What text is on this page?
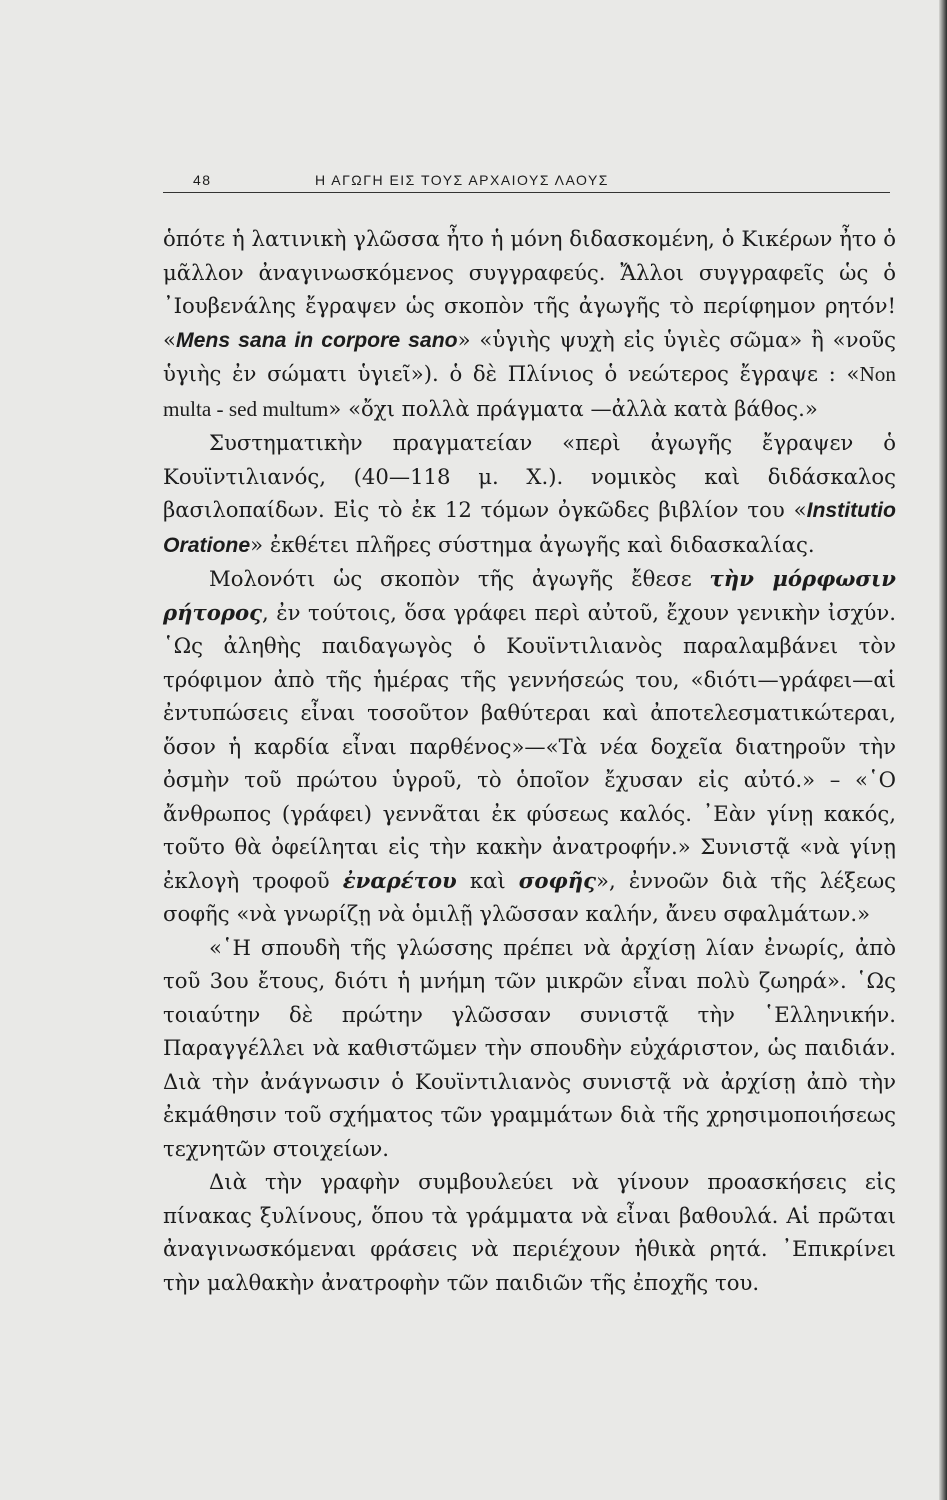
48	Η ΑΓΩΓΗ ΕΙΣ ΤΟΥΣ ΑΡΧΑΙΟΥΣ ΛΑΟΥΣ

ὁπότε ἡ λατινικὴ γλῶσσα ἦτο ἡ μόνη διδασκομένη, ὁ Κικέρων ἦτο ὁ μᾶλλον ἀναγινωσκόμενος συγγραφεύς. Ἄλλοι συγγραφεῖς ὡς ὁ ᾿Ιουβενάλης ἔγραψεν ὡς σκοπὸν τῆς ἀγωγῆς τὸ περίφημον ρητόν! «Mens sana in corpore sano» «ὑγιὴς ψυχὴ εἰς ὑγιὲς σῶμα» ἢ «νοῦς ὑγιὴς ἐν σώματι ὑγιεῖ»). ὁ δὲ Πλίνιος ὁ νεώτερος ἔγραψε : «Non multa - sed multum» «ὄχι πολλὰ πράγματα —ἀλλὰ κατὰ βάθος.»

Συστηματικὴν πραγματείαν «περὶ ἀγωγῆς ἔγραψεν ὁ Κουϊντιλιανός, (40—118 μ. Χ.). νομικὸς καὶ διδάσκαλος βασιλοπαίδων. Εἰς τὸ ἐκ 12 τόμων ὀγκῶδες βιβλίον του «Institutio Oratione» ἐκθέτει πλῆρες σύστημα ἀγωγῆς καὶ διδασκαλίας.

Μολονότι ὡς σκοπὸν τῆς ἀγωγῆς ἔθεσε τὴν μόρφωσιν ρήτορος, ἐν τούτοις, ὅσα γράφει περὶ αὐτοῦ, ἔχουν γενικὴν ἰσχύν. ῾Ως ἀληθὴς παιδαγωγὸς ὁ Κουϊντιλιανὸς παραλαμβάνει τὸν τρόφιμον ἀπὸ τῆς ἡμέρας τῆς γεννήσεώς του, «διότι—γράφει—αἱ ἐντυπώσεις εἶναι τοσοῦτον βαθύτεραι καὶ ἀποτελεσματικώτεραι, ὅσον ἡ καρδία εἶναι παρθένος»—«Τὰ νέα δοχεῖα διατηροῦν τὴν ὀσμὴν τοῦ πρώτου ὑγροῦ, τὸ ὁποῖον ἔχυσαν εἰς αὐτό.» – «῾Ο ἄνθρωπος (γράφει) γεννᾶται ἐκ φύσεως καλός. ᾿Εὰν γίνῃ κακός, τοῦτο θὰ ὀφείληται εἰς τὴν κακὴν ἀνατροφήν.» Συνιστᾷ «νὰ γίνῃ ἐκλογὴ τροφοῦ ἐναρέτου καὶ σοφῆς», ἐννοῶν διὰ τῆς λέξεως σοφῆς «νὰ γνωρίζῃ νὰ ὁμιλῇ γλῶσσαν καλήν, ἄνευ σφαλμάτων.»

«῾Η σπουδὴ τῆς γλώσσης πρέπει νὰ ἀρχίσῃ λίαν ἐνωρίς, ἀπὸ τοῦ 3ου ἔτους, διότι ἡ μνήμη τῶν μικρῶν εἶναι πολὺ ζωηρά». ῾Ως τοιαύτην δὲ πρώτην γλῶσσαν συνιστᾷ τὴν ῾Ελληνικήν. Παραγγέλλει νὰ καθιστῶμεν τὴν σπουδὴν εὐχάριστον, ὡς παιδιάν. Διὰ τὴν ἀνάγνωσιν ὁ Κουϊντιλιανὸς συνιστᾷ νὰ ἀρχίσῃ ἀπὸ τὴν ἐκμάθησιν τοῦ σχήματος τῶν γραμμάτων διὰ τῆς χρησιμοποιήσεως τεχνητῶν στοιχείων.

Διὰ τὴν γραφὴν συμβουλεύει νὰ γίνουν προασκήσεις εἰς πίνακας ξυλίνους, ὅπου τὰ γράμματα νὰ εἶναι βαθουλά. Αἱ πρῶται ἀναγινωσκόμεναι φράσεις νὰ περιέχουν ἠθικὰ ρητά. ᾿Επικρίνει τὴν μαλθακὴν ἀνατροφὴν τῶν παιδιῶν τῆς ἐποχῆς του.
